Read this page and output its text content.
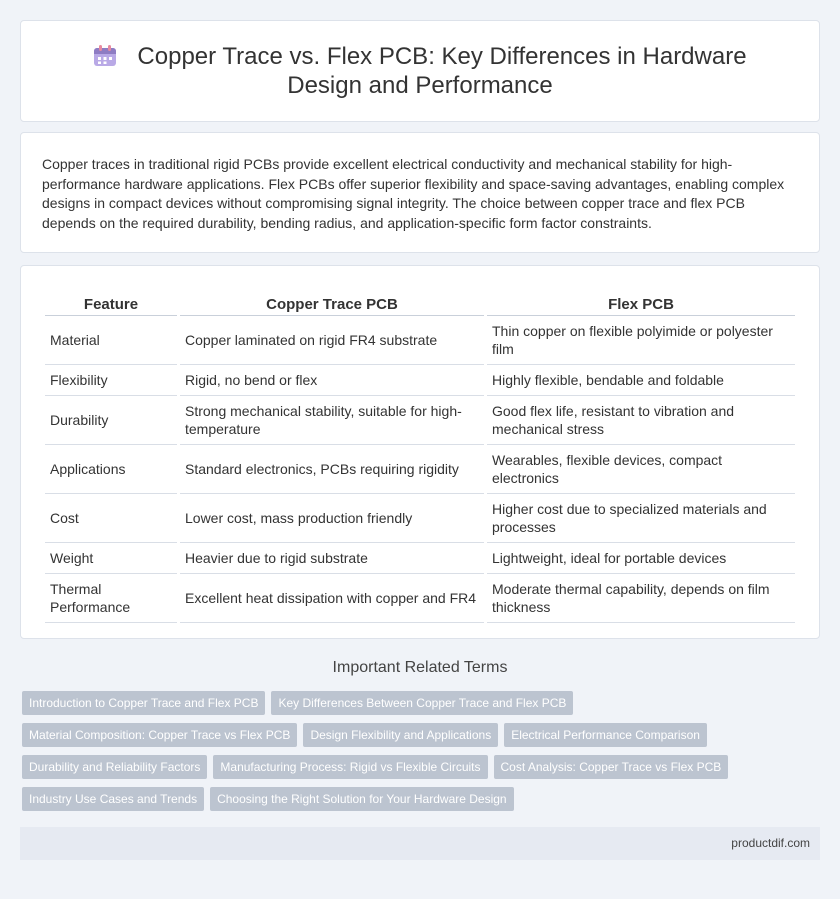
Copper Trace vs. Flex PCB: Key Differences in Hardware Design and Performance

Copper traces in traditional rigid PCBs provide excellent electrical conductivity and mechanical stability for high-performance hardware applications. Flex PCBs offer superior flexibility and space-saving advantages, enabling complex designs in compact devices without compromising signal integrity. The choice between copper trace and flex PCB depends on the required durability, bending radius, and application-specific form factor constraints.

Feature	Copper Trace PCB	Flex PCB
Material	Copper laminated on rigid FR4 substrate	Thin copper on flexible polyimide or polyester film
Flexibility	Rigid, no bend or flex	Highly flexible, bendable and foldable
Durability	Strong mechanical stability, suitable for high-temperature	Good flex life, resistant to vibration and mechanical stress
Applications	Standard electronics, PCBs requiring rigidity	Wearables, flexible devices, compact electronics
Cost	Lower cost, mass production friendly	Higher cost due to specialized materials and processes
Weight	Heavier due to rigid substrate	Lightweight, ideal for portable devices
Thermal Performance	Excellent heat dissipation with copper and FR4	Moderate thermal capability, depends on film thickness
Important Related Terms
Introduction to Copper Trace and Flex PCB	Key Differences Between Copper Trace and Flex PCB
Material Composition: Copper Trace vs Flex PCB	Design Flexibility and Applications	Electrical Performance Comparison
Durability and Reliability Factors	Manufacturing Process: Rigid vs Flexible Circuits	Cost Analysis: Copper Trace vs Flex PCB
Industry Use Cases and Trends	Choosing the Right Solution for Your Hardware Design
productdif.com
